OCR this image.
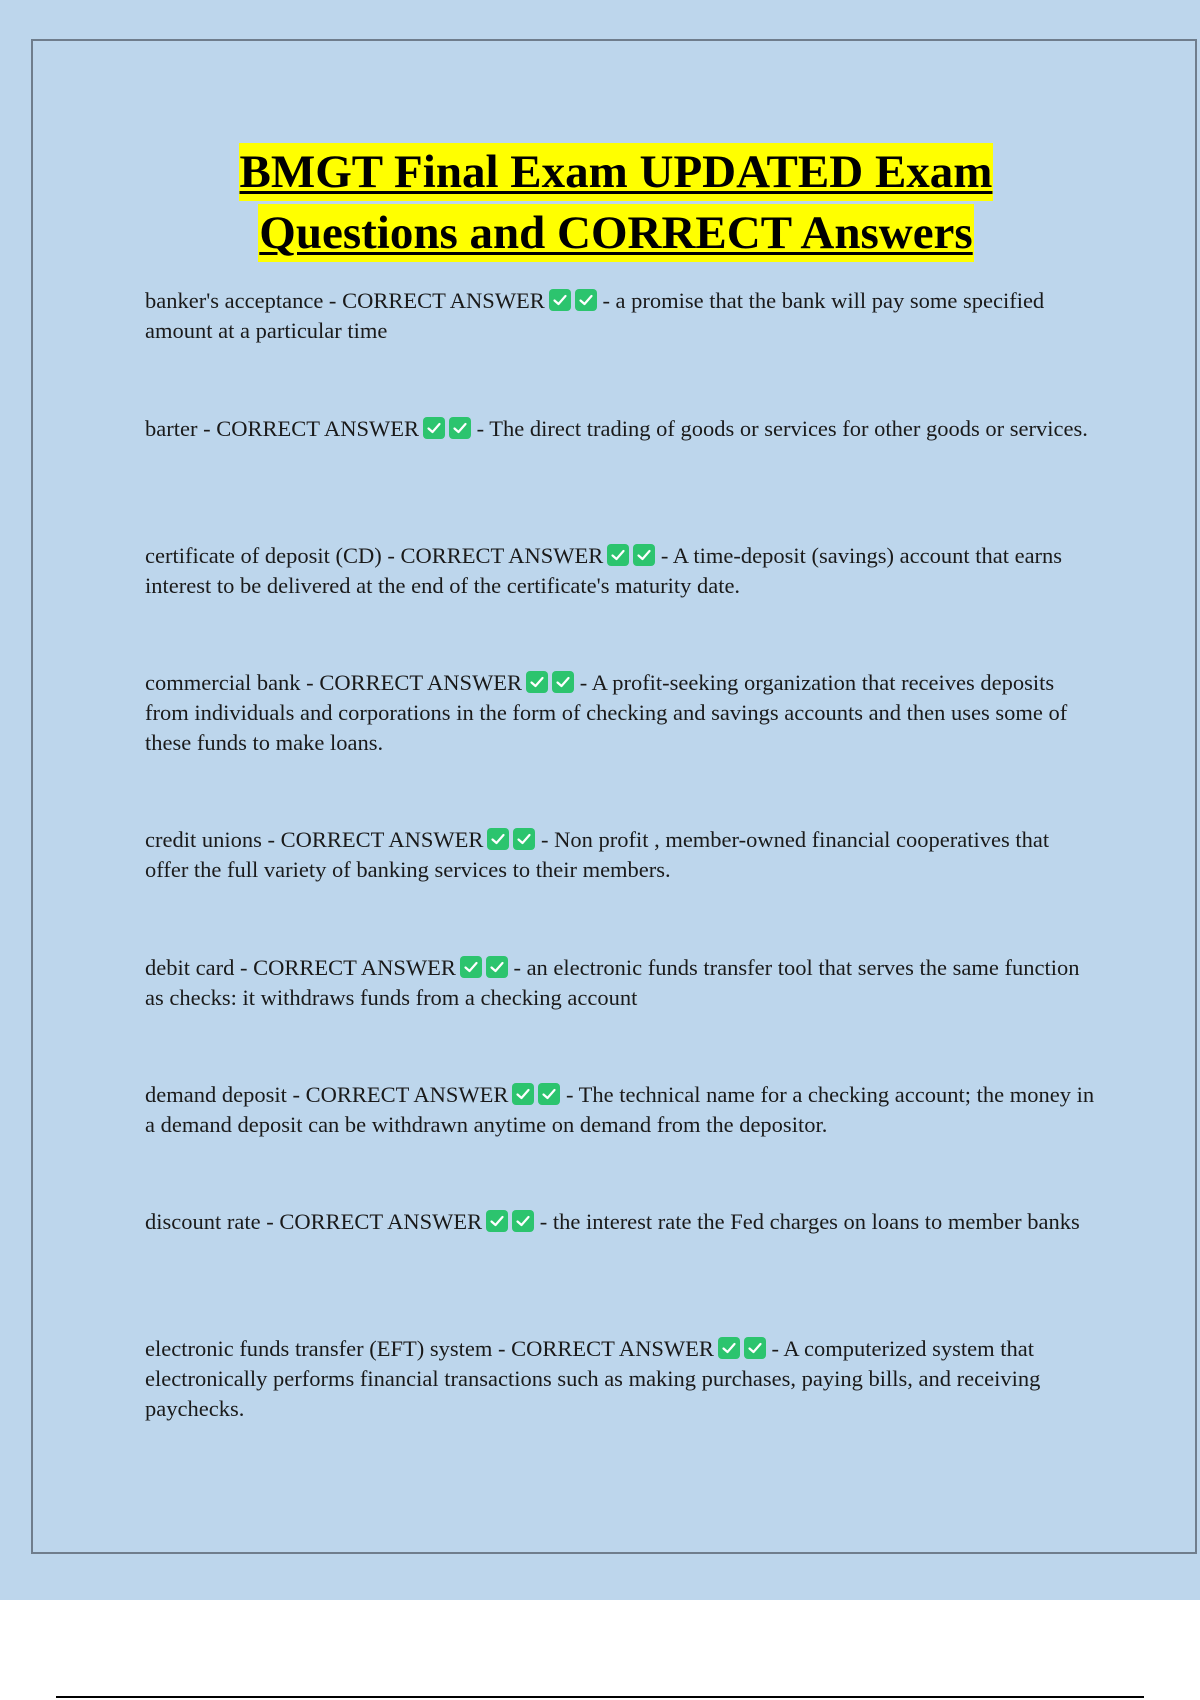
BMGT Final Exam UPDATED Exam
Questions and CORRECT Answers
banker's acceptance - CORRECT ANSWER	- a promise that the bank will pay some specified amount at a particular time
barter - CORRECT ANSWER	- The direct trading of goods or services for other goods or services.
certificate of deposit (CD) - CORRECT ANSWER	- A time-deposit (savings) account that earns interest to be delivered at the end of the certificate's maturity date.
commercial bank - CORRECT ANSWER	- A profit-seeking organization that receives deposits from individuals and corporations in the form of checking and savings accounts and then uses some of these funds to make loans.
credit unions - CORRECT ANSWER	- Non profit , member-owned financial cooperatives that offer the full variety of banking services to their members.
debit card - CORRECT ANSWER	- an electronic funds transfer tool that serves the same function as checks: it withdraws funds from a checking account
demand deposit - CORRECT ANSWER	- The technical name for a checking account; the money in a demand deposit can be withdrawn anytime on demand from the depositor.
discount rate - CORRECT ANSWER	- the interest rate the Fed charges on loans to member banks
electronic funds transfer (EFT) system - CORRECT ANSWER	- A computerized system that electronically performs financial transactions such as making purchases, paying bills, and receiving paychecks.
